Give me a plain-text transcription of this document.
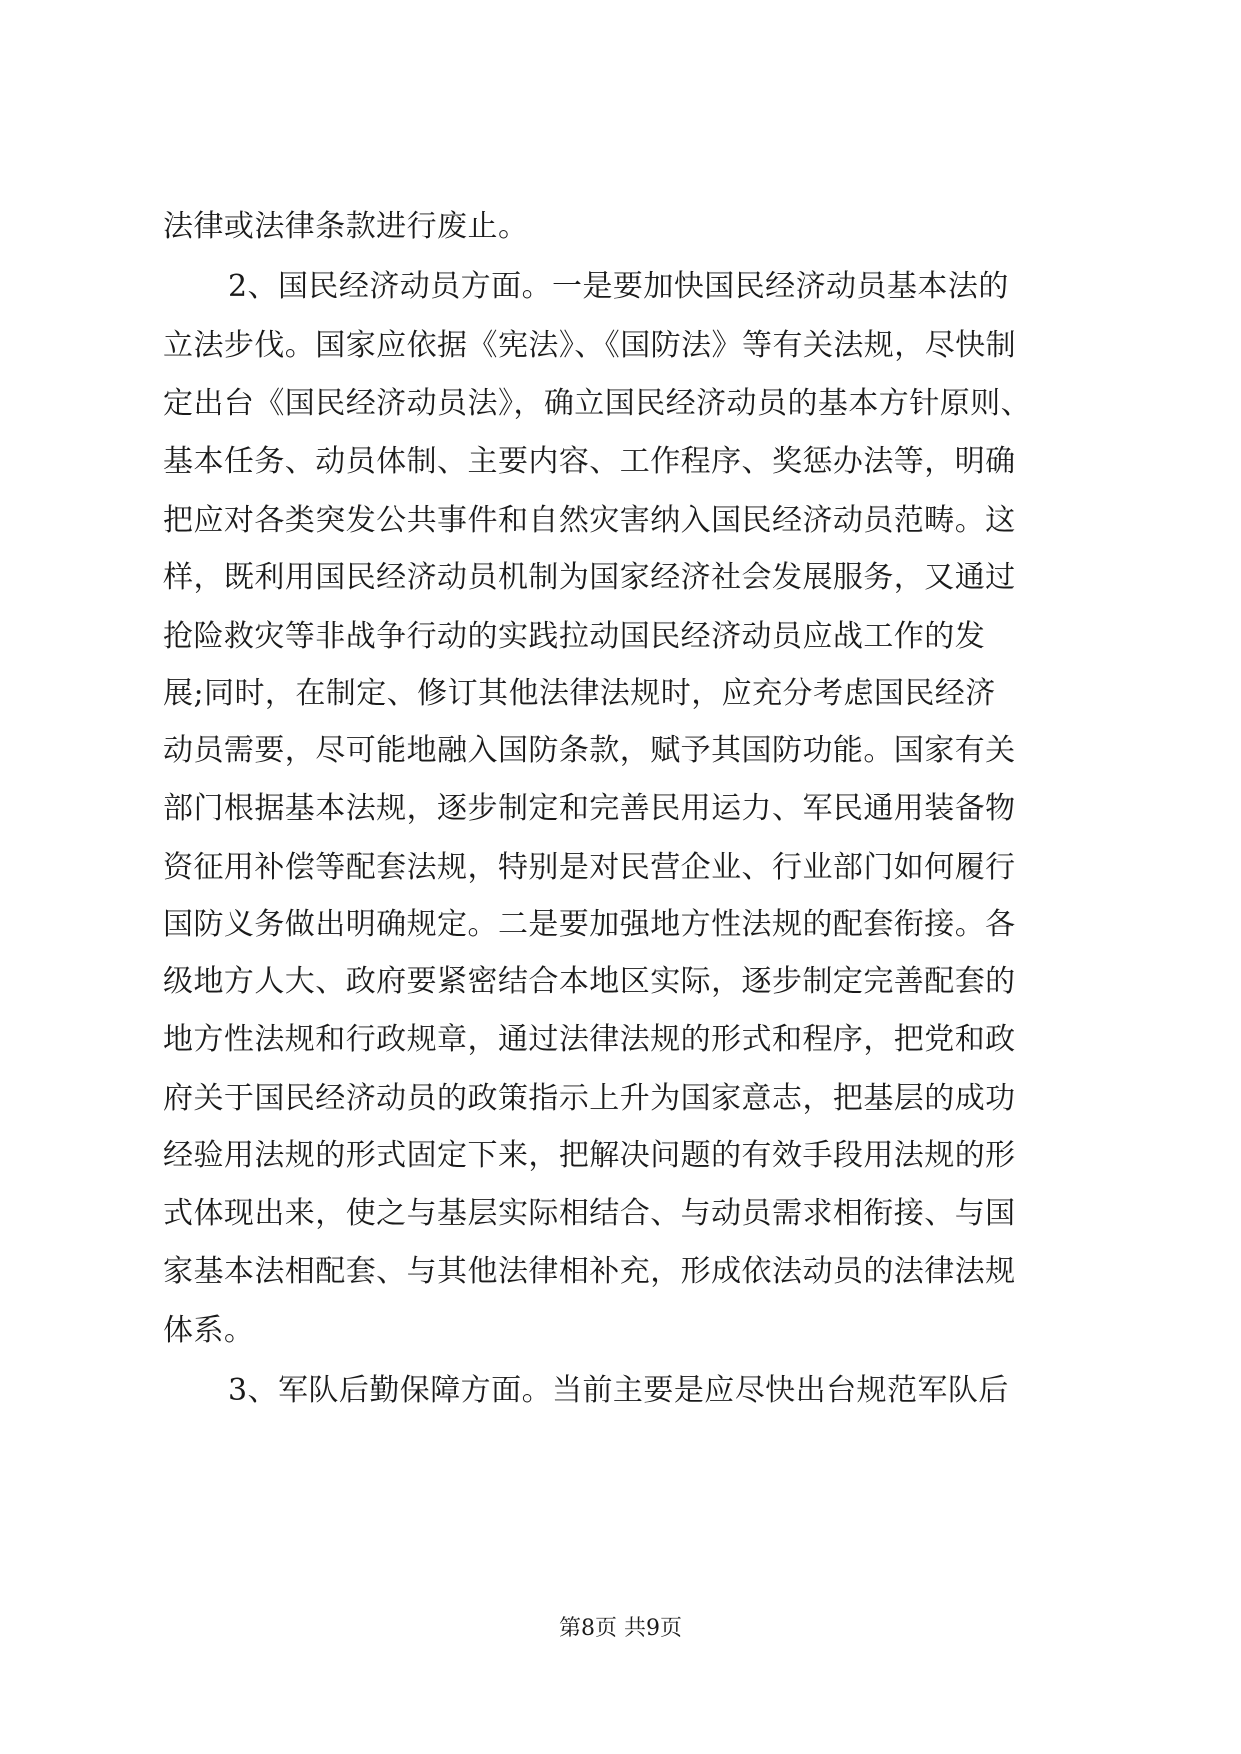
法律或法律条款进行废止。
2、国民经济动员方面。一是要加快国民经济动员基本法的
立法步伐。国家应依据《宪法》、《国防法》等有关法规，尽快制
定出台《国民经济动员法》，确立国民经济动员的基本方针原则、
基本任务、动员体制、主要内容、工作程序、奖惩办法等，明确
把应对各类突发公共事件和自然灾害纳入国民经济动员范畴。这
样，既利用国民经济动员机制为国家经济社会发展服务，又通过
抢险救灾等非战争行动的实践拉动国民经济动员应战工作的发
展;同时，在制定、修订其他法律法规时，应充分考虑国民经济
动员需要，尽可能地融入国防条款，赋予其国防功能。国家有关
部门根据基本法规，逐步制定和完善民用运力、军民通用装备物
资征用补偿等配套法规，特别是对民营企业、行业部门如何履行
国防义务做出明确规定。二是要加强地方性法规的配套衔接。各
级地方人大、政府要紧密结合本地区实际，逐步制定完善配套的
地方性法规和行政规章，通过法律法规的形式和程序，把党和政
府关于国民经济动员的政策指示上升为国家意志，把基层的成功
经验用法规的形式固定下来，把解决问题的有效手段用法规的形
式体现出来，使之与基层实际相结合、与动员需求相衔接、与国
家基本法相配套、与其他法律相补充，形成依法动员的法律法规
体系。
3、军队后勤保障方面。当前主要是应尽快出台规范军队后
第8页 共9页
